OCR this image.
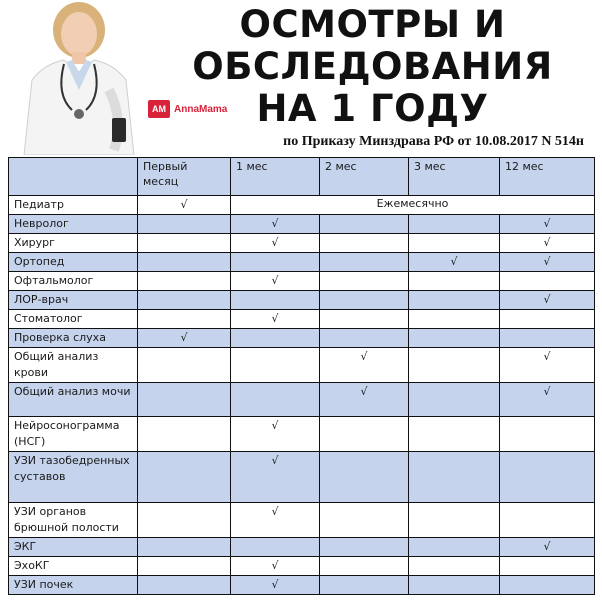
AM AnnaMama
ОСМОТРЫ И
ОБСЛЕДОВАНИЯ
НА 1 ГОДУ
по Приказу Минздрава РФ от 10.08.2017 N 514н
	Первый месяц	1 мес	2 мес	3 мес	12 мес
Педиатр	√	Ежемесячно			
Невролог		√			√
Хирург		√			√
Ортопед				√	√
Офтальмолог		√			
ЛОР-врач					√
Стоматолог		√			
Проверка слуха	√				
Общий анализ крови			√		√
Общий анализ мочи			√		√
Нейросонограмма (НСГ)		√			
УЗИ тазобедренных суставов		√			
УЗИ органов брюшной полости		√			
ЭКГ					√
ЭхоКГ		√			
УЗИ почек		√			
